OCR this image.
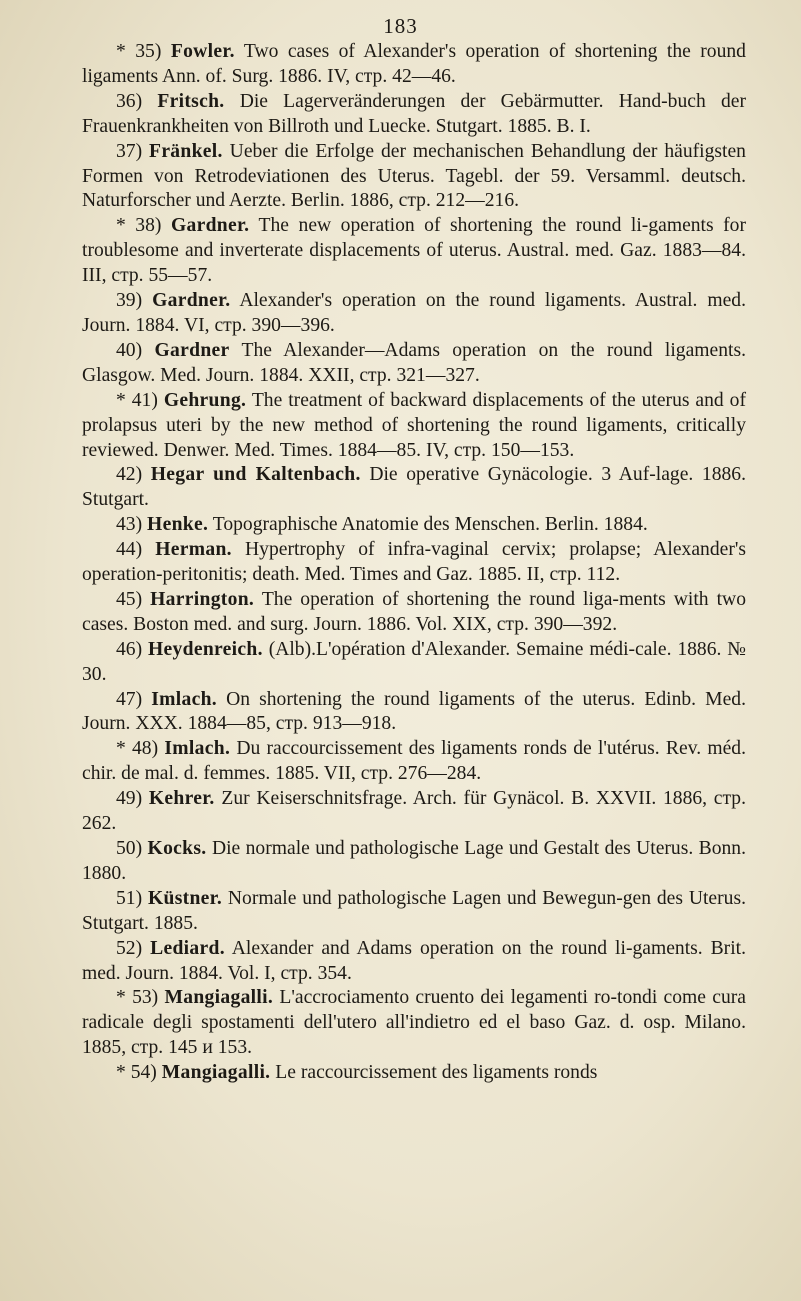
183

* 35) Fowler. Two cases of Alexander's operation of shortening the round ligaments Ann. of. Surg. 1886. IV, стр. 42—46.

36) Fritsch. Die Lagerveränderungen der Gebärmutter. Hand-buch der Frauenkrankheiten von Billroth und Luecke. Stutgart. 1885. B. I.

37) Fränkel. Ueber die Erfolge der mechanischen Behandlung der häufigsten Formen von Retrodeviationen des Uterus. Tagebl. der 59. Versamml. deutsch. Naturforscher und Aerzte. Berlin. 1886, стр. 212—216.

* 38) Gardner. The new operation of shortening the round li-gaments for troublesome and inverterate displacements of uterus. Austral. med. Gaz. 1883—84. III, стр. 55—57.

39) Gardner. Alexander's operation on the round ligaments. Austral. med. Journ. 1884. VI, стр. 390—396.

40) Gardner The Alexander—Adams operation on the round ligaments. Glasgow. Med. Journ. 1884. XXII, стр. 321—327.

* 41) Gehrung. The treatment of backward displacements of the uterus and of prolapsus uteri by the new method of shortening the round ligaments, critically reviewed. Denwer. Med. Times. 1884—85. IV, стр. 150—153.

42) Hegar und Kaltenbach. Die operative Gynäcologie. 3 Auf-lage. 1886. Stutgart.

43) Henke. Topographische Anatomie des Menschen. Berlin. 1884.

44) Herman. Hypertrophy of infra-vaginal cervix; prolapse; Alexander's operation-peritonitis; death. Med. Times and Gaz. 1885. II, стр. 112.

45) Harrington. The operation of shortening the round liga-ments with two cases. Boston med. and surg. Journ. 1886. Vol. XIX, стр. 390—392.

46) Heydenreich. (Alb).L'opération d'Alexander. Semaine médi-cale. 1886. № 30.

47) Imlach. On shortening the round ligaments of the uterus. Edinb. Med. Journ. XXX. 1884—85, стр. 913—918.

* 48) Imlach. Du raccourcissement des ligaments ronds de l'utérus. Rev. méd. chir. de mal. d. femmes. 1885. VII, стр. 276—284.

49) Kehrer. Zur Keiserschnitsfrage. Arch. für Gynäcol. B. XXVII. 1886, стр. 262.

50) Kocks. Die normale und pathologische Lage und Gestalt des Uterus. Bonn. 1880.

51) Küstner. Normale und pathologische Lagen und Bewegun-gen des Uterus. Stutgart. 1885.

52) Lediard. Alexander and Adams operation on the round li-gaments. Brit. med. Journ. 1884. Vol. I, стр. 354.

* 53) Mangiagalli. L'accrociamento cruento dei legamenti ro-tondi come cura radicale degli spostamenti dell'utero all'indietro ed el baso Gaz. d. osp. Milano. 1885, стр. 145 и 153.

* 54) Mangiagalli. Le raccourcissement des ligaments ronds
